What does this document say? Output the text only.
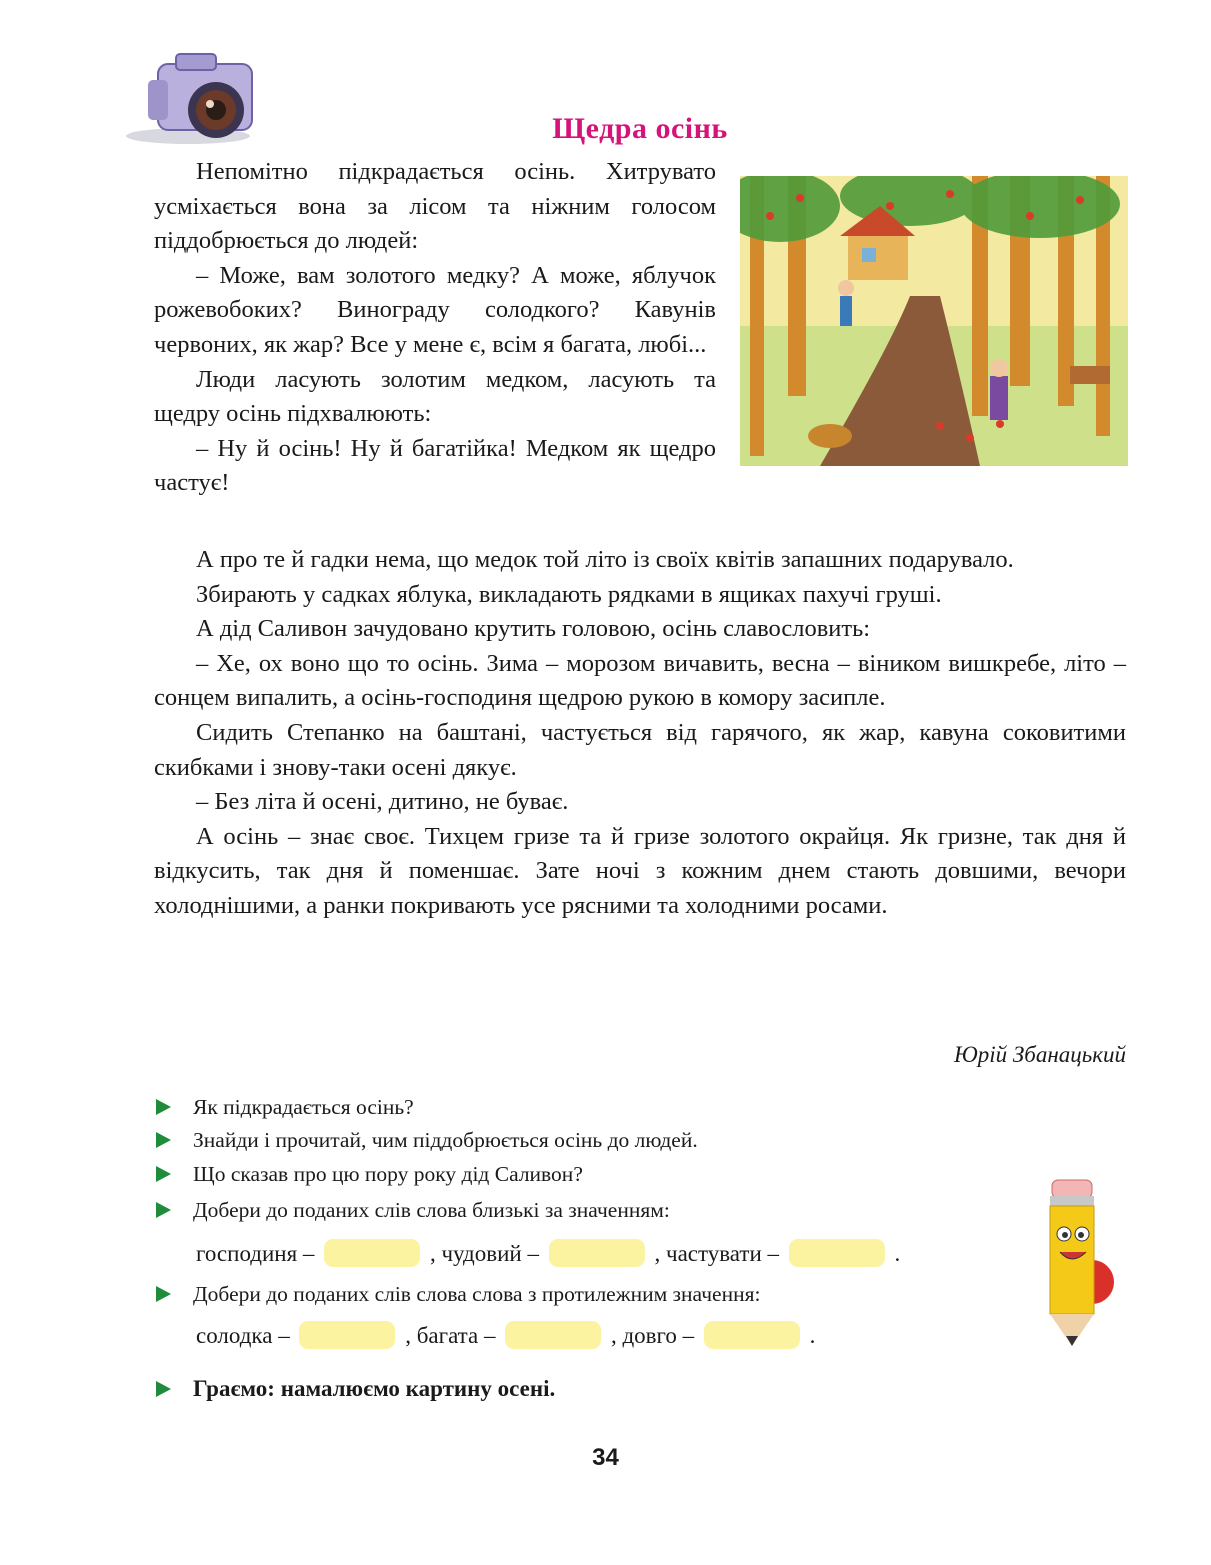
Щедра осінь

Непомітно підкрадається осінь. Хитрувато усміхається вона за лісом та ніжним голосом піддобрюється до людей:

– Може, вам золотого медку? А може, яблучок рожевобоких? Винограду солодкого? Кавунів червоних, як жар? Все у мене є, всім я багата, любі...

Люди ласують золотим медком, ласують та щедру осінь підхвалюють:

– Ну й осінь! Ну й багатійка! Медком як щедро частує!

А про те й гадки нема, що медок той літо із своїх квітів запашних подарувало.

Збирають у садках яблука, викладають рядками в ящиках пахучі груші.

А дід Саливон зачудовано крутить головою, осінь славословить:

– Хе, ох воно що то осінь. Зима – морозом вичавить, весна – віником вишкребе, літо – сонцем випалить, а осінь-господиня щедрою рукою в комору засипле.

Сидить Степанко на баштані, частується від гарячого, як жар, кавуна соковитими скибками і знову-таки осені дякує.

– Без літа й осені, дитино, не буває.

А осінь – знає своє. Тихцем гризе та й гризе золотого окрайця. Як гризне, так дня й відкусить, так дня й поменшає. Зате ночі з кожним днем стають довшими, вечори холоднішими, а ранки покривають усе рясними та холодними росами.

Юрій Збанацький
Як підкрадається осінь?
Знайди і прочитай, чим піддобрюється осінь до людей.
Що сказав про цю пору року дід Саливон?
Добери до поданих слів слова близькі за значенням:
господиня –	, чудовий –	, частувати –	.
Добери до поданих слів слова слова з протилежним значення:
солодка –	, багата –	, довго –	.
Граємо: намалюємо картину осені.
34
